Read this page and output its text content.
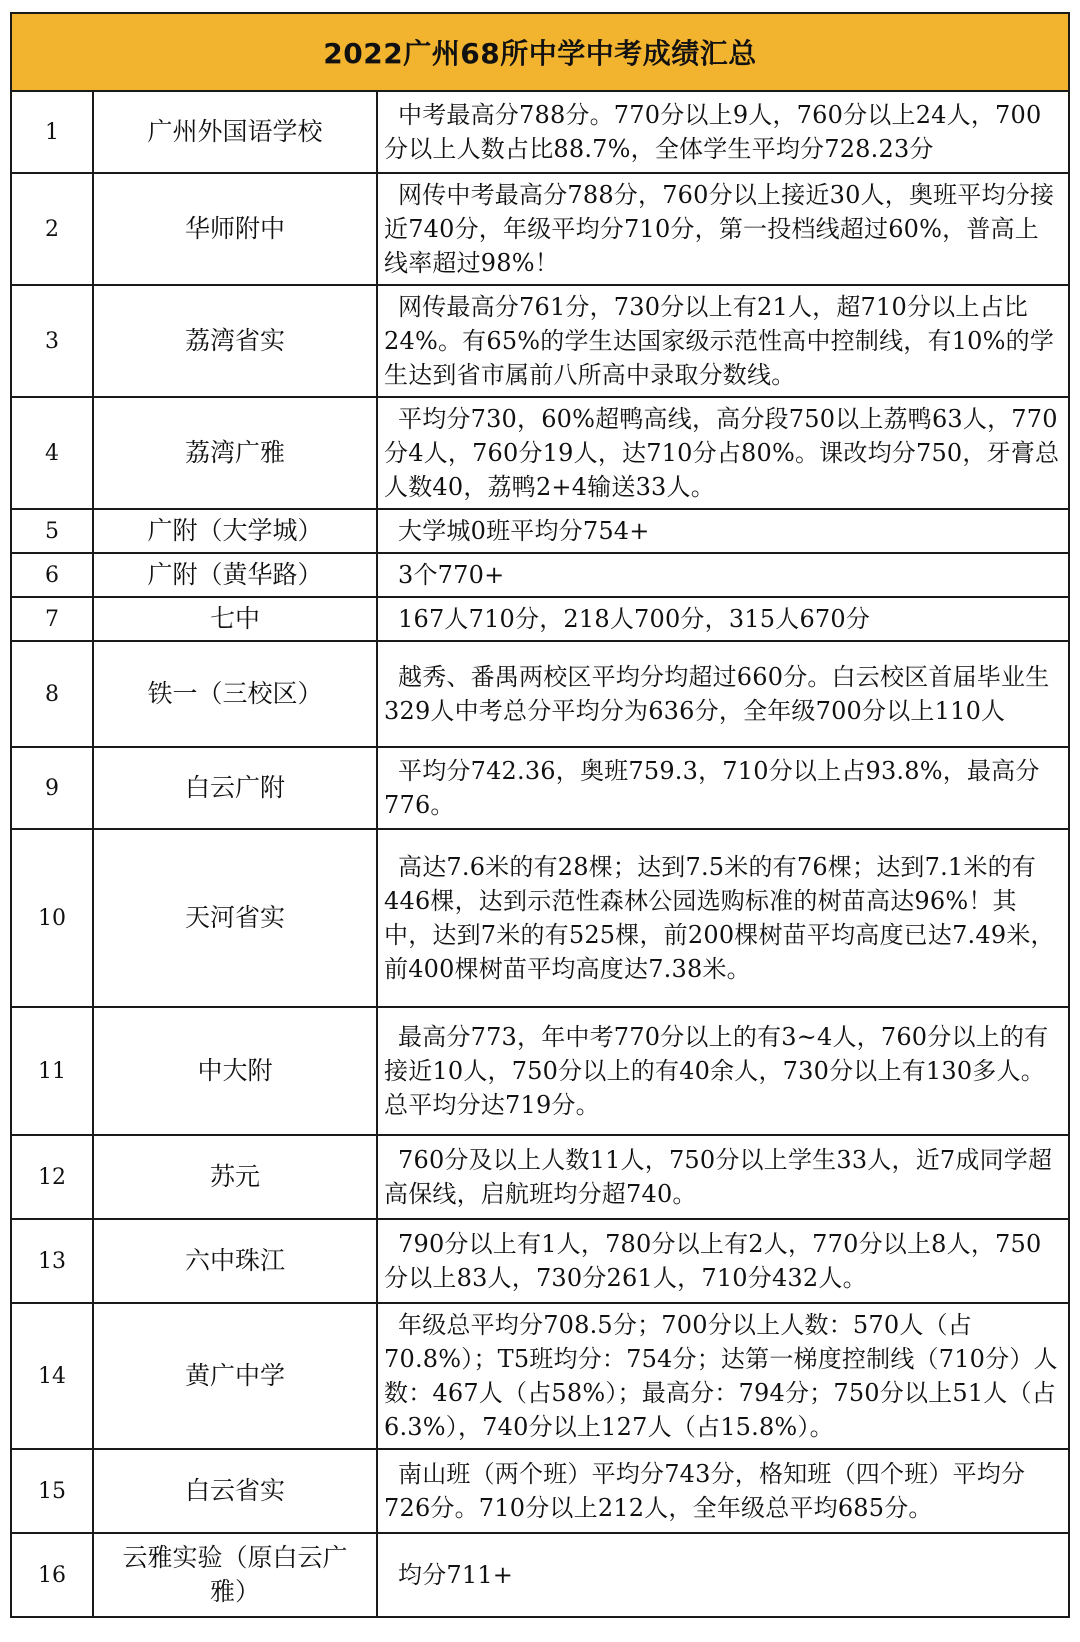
2022广州68所中学中考成绩汇总		
1	广州外国语学校	中考最高分788分。770分以上9人，760分以上24人，700分以上人数占比88.7%，全体学生平均分728.23分
2	华师附中	网传中考最高分788分，760分以上接近30人，奥班平均分接近740分，年级平均分710分，第一投档线超过60%，普高上线率超过98%！
3	荔湾省实	网传最高分761分，730分以上有21人，超710分以上占比24%。有65%的学生达国家级示范性高中控制线，有10%的学生达到省市属前八所高中录取分数线。
4	荔湾广雅	平均分730，60%超鸭高线，高分段750以上荔鸭63人，770分4人，760分19人，达710分占80%。课改均分750，牙膏总人数40，荔鸭2+4输送33人。
5	广附（大学城）	大学城0班平均分754+
6	广附（黄华路）	3个770+
7	七中	167人710分，218人700分，315人670分
8	铁一（三校区）	越秀、番禺两校区平均分均超过660分。白云校区首届毕业生329人中考总分平均分为636分，全年级700分以上110人
9	白云广附	平均分742.36，奥班759.3，710分以上占93.8%，最高分776。
10	天河省实	高达7.6米的有28棵；达到7.5米的有76棵；达到7.1米的有446棵，达到示范性森林公园选购标准的树苗高达96%！其中，达到7米的有525棵，前200棵树苗平均高度已达7.49米，前400棵树苗平均高度达7.38米。
11	中大附	最高分773，年中考770分以上的有3~4人，760分以上的有接近10人，750分以上的有40余人，730分以上有130多人。总平均分达719分。
12	苏元	760分及以上人数11人，750分以上学生33人，近7成同学超高保线，启航班均分超740。
13	六中珠江	790分以上有1人，780分以上有2人，770分以上8人，750分以上83人，730分261人，710分432人。
14	黄广中学	年级总平均分708.5分；700分以上人数：570人（占70.8%）；T5班均分：754分；达第一梯度控制线（710分）人数：467人（占58%）；最高分：794分；750分以上51人（占6.3%），740分以上127人（占15.8%）。
15	白云省实	南山班（两个班）平均分743分，格知班（四个班）平均分726分。710分以上212人，全年级总平均685分。
16	云雅实验（原白云广雅）	均分711+
